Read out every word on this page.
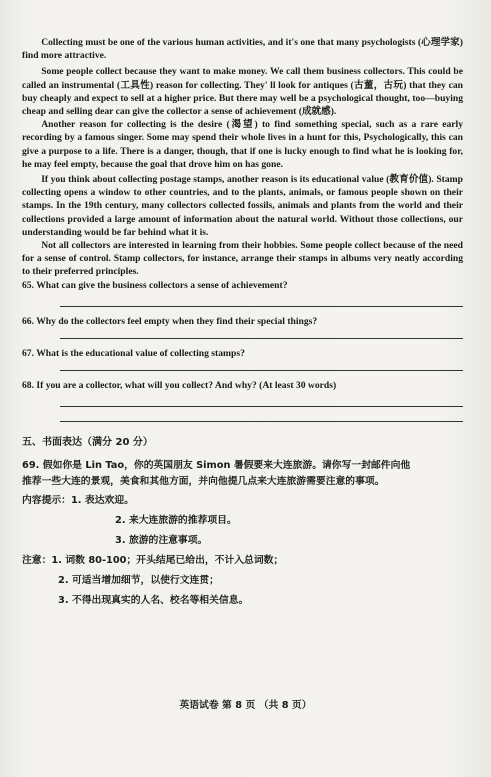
Collecting must be one of the various human activities, and it's one that many psychologists (心理学家) find more attractive.

Some people collect because they want to make money. We call them business collectors. This could be called an instrumental (工具性) reason for collecting. They' ll look for antiques (古董，古玩) that they can buy cheaply and expect to sell at a higher price. But there may well be a psychological thought, too—buying cheap and selling dear can give the collector a sense of achievement (成就感).

Another reason for collecting is the desire (渴望) to find something special, such as a rare early recording by a famous singer. Some may spend their whole lives in a hunt for this, Psychologically, this can give a purpose to a life. There is a danger, though, that if one is lucky enough to find what he is looking for, he may feel empty, because the goal that drove him on has gone.

If you think about collecting postage stamps, another reason is its educational value (教育价值). Stamp collecting opens a window to other countries, and to the plants, animals, or famous people shown on their stamps. In the 19th century, many collectors collected fossils, animals and plants from the world and their collections provided a large amount of information about the natural world. Without those collections, our understanding would be far behind what it is.

Not all collectors are interested in learning from their hobbies. Some people collect because of the need for a sense of control. Stamp collectors, for instance, arrange their stamps in albums very neatly according to their preferred principles.

65. What can give the business collectors a sense of achievement?

66. Why do the collectors feel empty when they find their special things?

67. What is the educational value of collecting stamps?

68. If you are a collector, what will you collect? And why? (At least 30 words)

五、书面表达（满分 20 分）

69. 假如你是 Lin Tao，你的英国朋友 Simon 暑假要来大连旅游。请你写一封邮件向他

推荐一些大连的景观，美食和其他方面，并向他提几点来大连旅游需要注意的事项。

内容提示：1. 表达欢迎。

2. 来大连旅游的推荐项目。

3. 旅游的注意事项。

注意：1. 词数 80-100；开头结尾已给出，不计入总词数；

2. 可适当增加细节，以使行文连贯；

3. 不得出现真实的人名、校名等相关信息。

英语试卷 第 8 页 （共 8 页）
